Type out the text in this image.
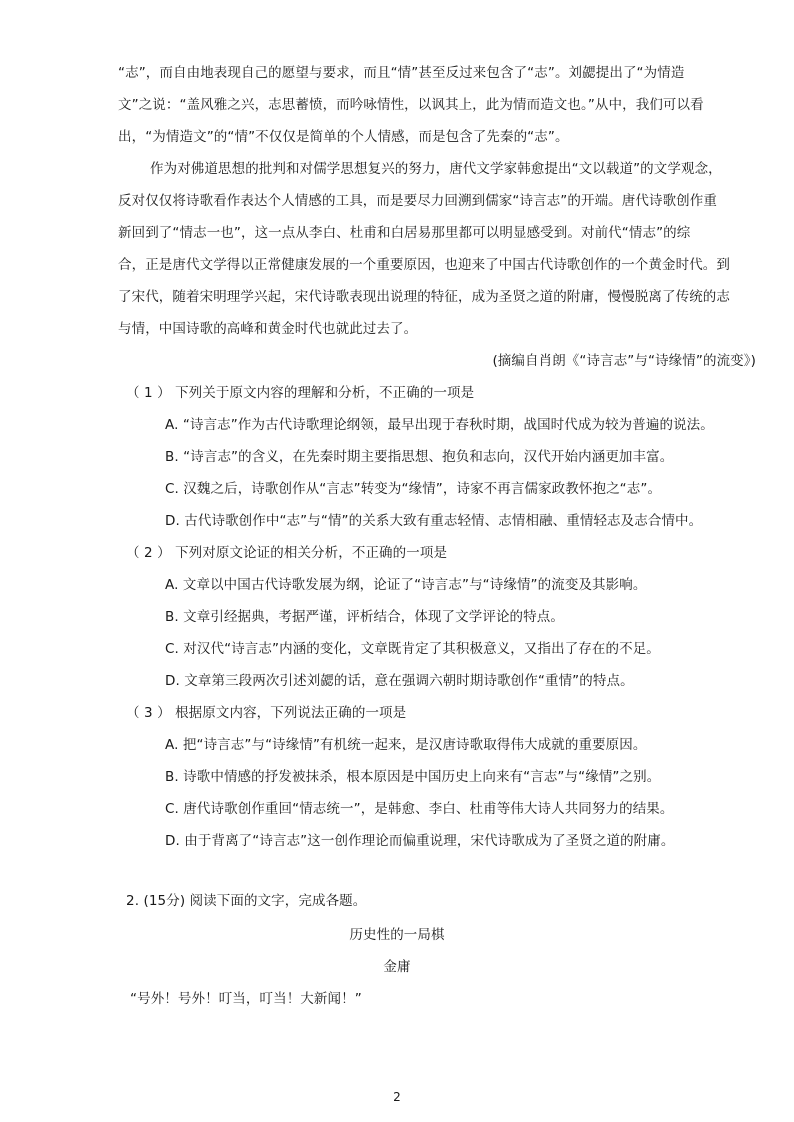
“志”，而自由地表现自己的愿望与要求，而且“情”甚至反过来包含了“志”。刘勰提出了“为情造
文”之说：“盖风雅之兴，志思蓄愤，而吟咏情性，以讽其上，此为情而造文也。”从中，我们可以看
出，“为情造文”的“情”不仅仅是简单的个人情感，而是包含了先秦的“志”。
作为对佛道思想的批判和对儒学思想复兴的努力，唐代文学家韩愈提出“文以载道”的文学观念，
反对仅仅将诗歌看作表达个人情感的工具，而是要尽力回溯到儒家“诗言志”的开端。唐代诗歌创作重
新回到了“情志一也”，这一点从李白、杜甫和白居易那里都可以明显感受到。对前代“情志”的综
合，正是唐代文学得以正常健康发展的一个重要原因，也迎来了中国古代诗歌创作的一个黄金时代。到
了宋代，随着宋明理学兴起，宋代诗歌表现出说理的特征，成为圣贤之道的附庸，慢慢脱离了传统的志
与情，中国诗歌的高峰和黄金时代也就此过去了。
(摘编自肖朗《“诗言志”与“诗缘情”的流变》)
（ 1 ） 下列关于原文内容的理解和分析，不正确的一项是
A. “诗言志”作为古代诗歌理论纲领，最早出现于春秋时期，战国时代成为较为普遍的说法。
B. “诗言志”的含义，在先秦时期主要指思想、抱负和志向，汉代开始内涵更加丰富。
C. 汉魏之后，诗歌创作从“言志”转变为“缘情”，诗家不再言儒家政教怀抱之“志”。
D. 古代诗歌创作中“志”与“情”的关系大致有重志轻情、志情相融、重情轻志及志合情中。
（ 2 ） 下列对原文论证的相关分析，不正确的一项是
A. 文章以中国古代诗歌发展为纲，论证了“诗言志”与“诗缘情”的流变及其影响。
B. 文章引经据典，考据严谨，评析结合，体现了文学评论的特点。
C. 对汉代“诗言志”内涵的变化，文章既肯定了其积极意义，又指出了存在的不足。
D. 文章第三段两次引述刘勰的话，意在强调六朝时期诗歌创作“重情”的特点。
（ 3 ） 根据原文内容，下列说法正确的一项是
A. 把“诗言志”与“诗缘情”有机统一起来，是汉唐诗歌取得伟大成就的重要原因。
B. 诗歌中情感的抒发被抹杀，根本原因是中国历史上向来有“言志”与“缘情”之别。
C. 唐代诗歌创作重回“情志统一”，是韩愈、李白、杜甫等伟大诗人共同努力的结果。
D. 由于背离了“诗言志”这一创作理论而偏重说理，宋代诗歌成为了圣贤之道的附庸。
2. (15分) 阅读下面的文字，完成各题。
历史性的一局棋
金庸
“号外！号外！叮当，叮当！大新闻！”
2
